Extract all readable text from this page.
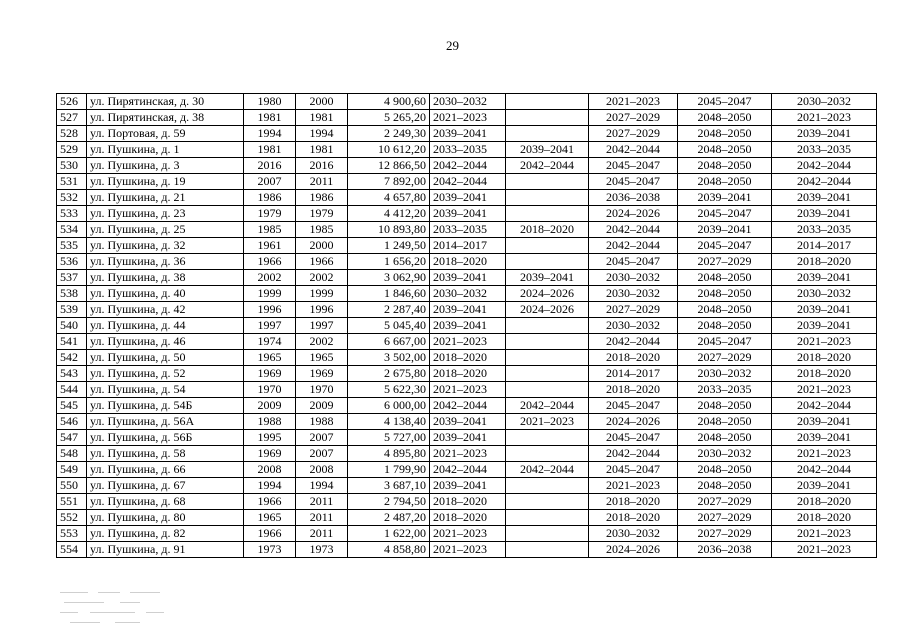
29
526	ул. Пирятинская, д. 30	1980	2000	4 900,60	2030–2032		2021–2023	2045–2047	2030–2032
527	ул. Пирятинская, д. 38	1981	1981	5 265,20	2021–2023		2027–2029	2048–2050	2021–2023
528	ул. Портовая, д. 59	1994	1994	2 249,30	2039–2041		2027–2029	2048–2050	2039–2041
529	ул. Пушкина, д. 1	1981	1981	10 612,20	2033–2035	2039–2041	2042–2044	2048–2050	2033–2035
530	ул. Пушкина, д. 3	2016	2016	12 866,50	2042–2044	2042–2044	2045–2047	2048–2050	2042–2044
531	ул. Пушкина, д. 19	2007	2011	7 892,00	2042–2044		2045–2047	2048–2050	2042–2044
532	ул. Пушкина, д. 21	1986	1986	4 657,80	2039–2041		2036–2038	2039–2041	2039–2041
533	ул. Пушкина, д. 23	1979	1979	4 412,20	2039–2041		2024–2026	2045–2047	2039–2041
534	ул. Пушкина, д. 25	1985	1985	10 893,80	2033–2035	2018–2020	2042–2044	2039–2041	2033–2035
535	ул. Пушкина, д. 32	1961	2000	1 249,50	2014–2017		2042–2044	2045–2047	2014–2017
536	ул. Пушкина, д. 36	1966	1966	1 656,20	2018–2020		2045–2047	2027–2029	2018–2020
537	ул. Пушкина, д. 38	2002	2002	3 062,90	2039–2041	2039–2041	2030–2032	2048–2050	2039–2041
538	ул. Пушкина, д. 40	1999	1999	1 846,60	2030–2032	2024–2026	2030–2032	2048–2050	2030–2032
539	ул. Пушкина, д. 42	1996	1996	2 287,40	2039–2041	2024–2026	2027–2029	2048–2050	2039–2041
540	ул. Пушкина, д. 44	1997	1997	5 045,40	2039–2041		2030–2032	2048–2050	2039–2041
541	ул. Пушкина, д. 46	1974	2002	6 667,00	2021–2023		2042–2044	2045–2047	2021–2023
542	ул. Пушкина, д. 50	1965	1965	3 502,00	2018–2020		2018–2020	2027–2029	2018–2020
543	ул. Пушкина, д. 52	1969	1969	2 675,80	2018–2020		2014–2017	2030–2032	2018–2020
544	ул. Пушкина, д. 54	1970	1970	5 622,30	2021–2023		2018–2020	2033–2035	2021–2023
545	ул. Пушкина, д. 54Б	2009	2009	6 000,00	2042–2044	2042–2044	2045–2047	2048–2050	2042–2044
546	ул. Пушкина, д. 56А	1988	1988	4 138,40	2039–2041	2021–2023	2024–2026	2048–2050	2039–2041
547	ул. Пушкина, д. 56Б	1995	2007	5 727,00	2039–2041		2045–2047	2048–2050	2039–2041
548	ул. Пушкина, д. 58	1969	2007	4 895,80	2021–2023		2042–2044	2030–2032	2021–2023
549	ул. Пушкина, д. 66	2008	2008	1 799,90	2042–2044	2042–2044	2045–2047	2048–2050	2042–2044
550	ул. Пушкина, д. 67	1994	1994	3 687,10	2039–2041		2021–2023	2048–2050	2039–2041
551	ул. Пушкина, д. 68	1966	2011	2 794,50	2018–2020		2018–2020	2027–2029	2018–2020
552	ул. Пушкина, д. 80	1965	2011	2 487,20	2018–2020		2018–2020	2027–2029	2018–2020
553	ул. Пушкина, д. 82	1966	2011	1 622,00	2021–2023		2030–2032	2027–2029	2021–2023
554	ул. Пушкина, д. 91	1973	1973	4 858,80	2021–2023		2024–2026	2036–2038	2021–2023
